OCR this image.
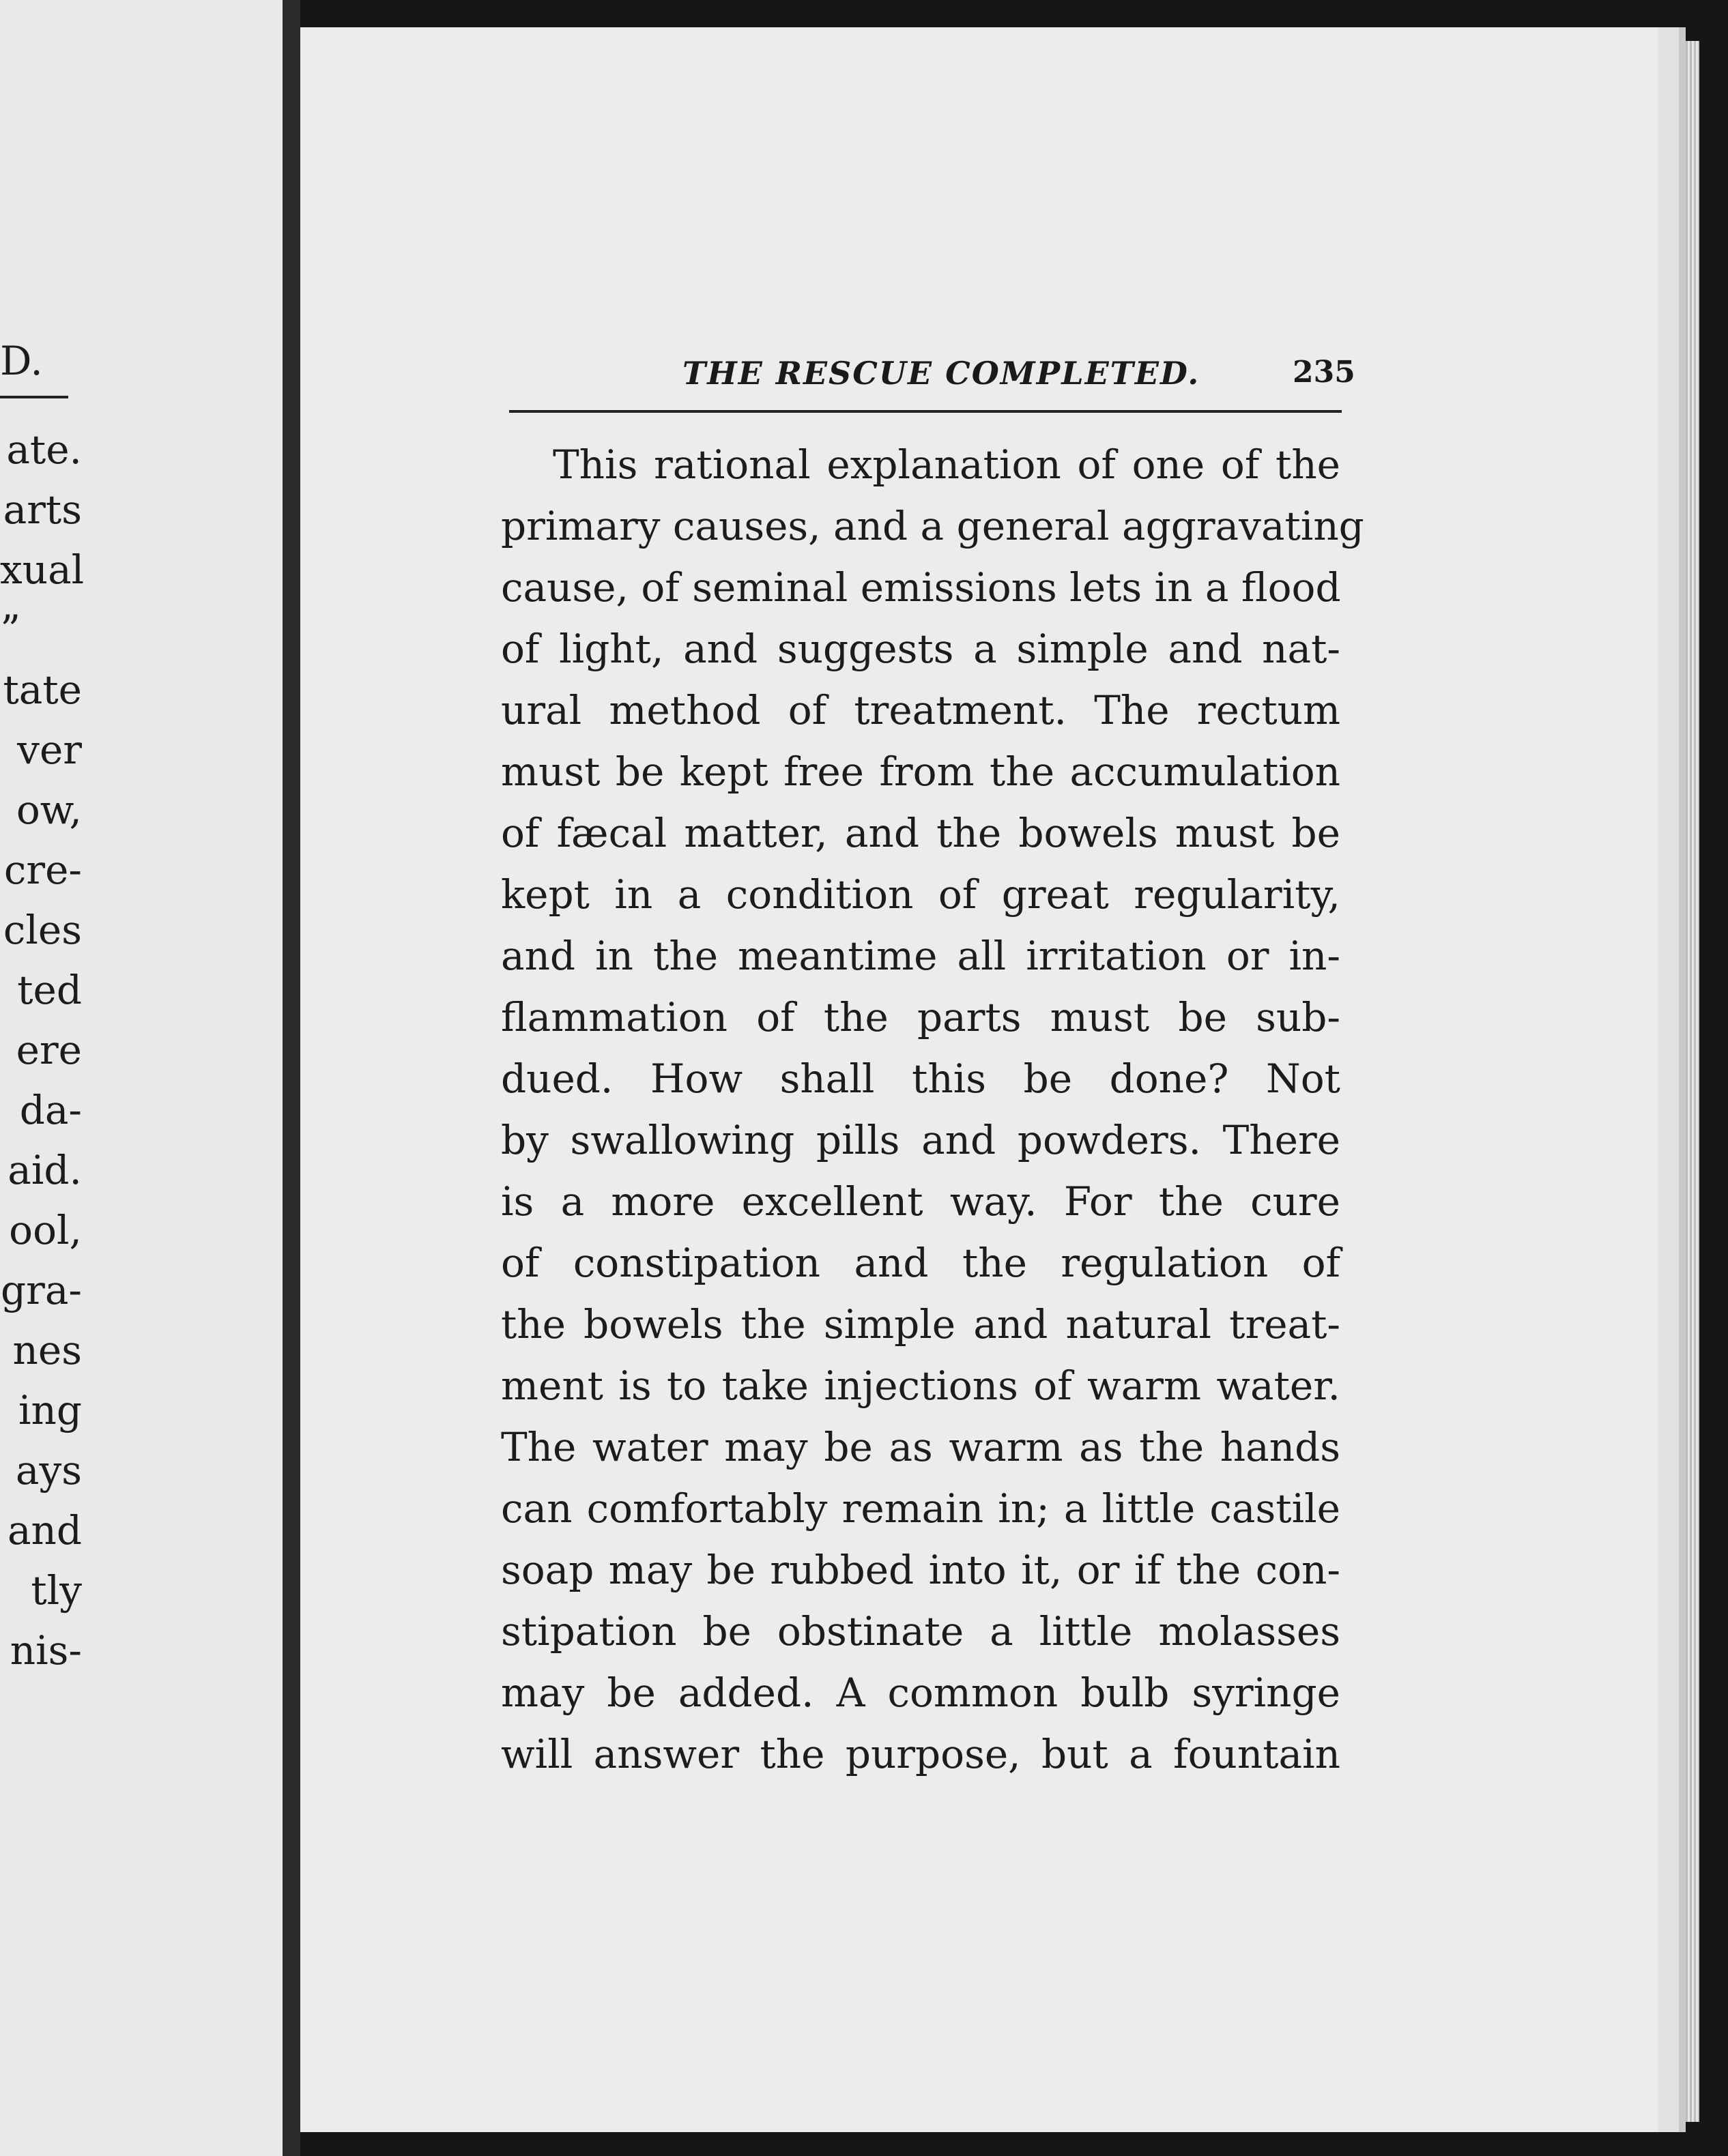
D.
ate.
arts
xual
”
tate
ver
ow,
cre-
cles
ted
ere
da-
aid.
ool,
gra-
nes
ing
ays
and
tly
nis-
THE RESCUE COMPLETED.	235
This rational explanation of one of the
primary causes, and a general aggravating
cause, of seminal emissions lets in a flood
of light, and suggests a simple and nat-
ural method of treatment. The rectum
must be kept free from the accumulation
of fæcal matter, and the bowels must be
kept in a condition of great regularity,
and in the meantime all irritation or in-
flammation of the parts must be sub-
dued. How shall this be done? Not
by swallowing pills and powders. There
is a more excellent way. For the cure
of constipation and the regulation of
the bowels the simple and natural treat-
ment is to take injections of warm water.
The water may be as warm as the hands
can comfortably remain in; a little castile
soap may be rubbed into it, or if the con-
stipation be obstinate a little molasses
may be added. A common bulb syringe
will answer the purpose, but a fountain
